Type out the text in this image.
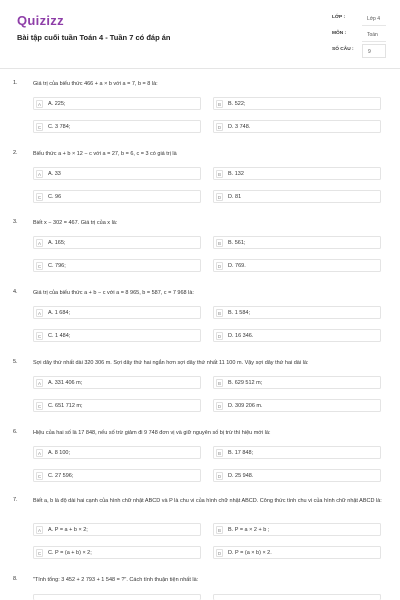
Quizizz
Bài tập cuối tuần Toán 4 - Tuần 7 có đáp án
LỚP :	Lớp 4
MÔN :	Toán
SỐ CÂU :	9
1.	Giá trị của biểu thức 466 + a × b với a = 7, b = 8 là:
A	A. 225;	B	B. 522;
C	C. 3 784;	D	D. 3 748.
2.	Biểu thức a + b × 12 − c với a = 27, b = 6, c = 3 có giá trị là
A	A. 33	B	B. 132
C	C. 96	D	D. 81
3.	Biết x − 302 = 467. Giá trị của x là:
A	A. 165;	B	B. 561;
C	C. 796;	D	D. 769.
4.	Giá trị của biểu thức a + b − c với a = 8 965, b = 587, c = 7 968 là:
A	A. 1 684;	B	B. 1 584;
C	C. 1 484;	D	D. 16 346.
5.	Sợi dây thứ nhất dài 320 306 m. Sợi dây thứ hai ngắn hơn sợi dây thứ nhất 11 100 m. Vậy sợi dây thứ hai dài là:
A	A. 331 406 m;	B	B. 629 512 m;
C	C. 651 712 m;	D	D. 309 206 m.
6.	Hiệu của hai số là 17 848, nếu số trừ giảm đi 9 748 đơn vị và giữ nguyên số bị trừ thì hiệu mới là:
A	A. 8 100;	B	B. 17 848;
C	C. 27 596;	D	D. 25 948.
7.	Biết a, b là độ dài hai cạnh của hình chữ nhật ABCD và P là chu vi của hình chữ nhật ABCD. Công thức tính chu vi của hình chữ nhật ABCD là:
A	A. P = a + b × 2;	B	B. P = a × 2 + b ;
C	C. P = (a + b) × 2;	D	D. P = (a × b) × 2.
8.	"Tính tổng: 3 452 + 2 793 + 1 548 = ?". Cách tính thuận tiện nhất là:
